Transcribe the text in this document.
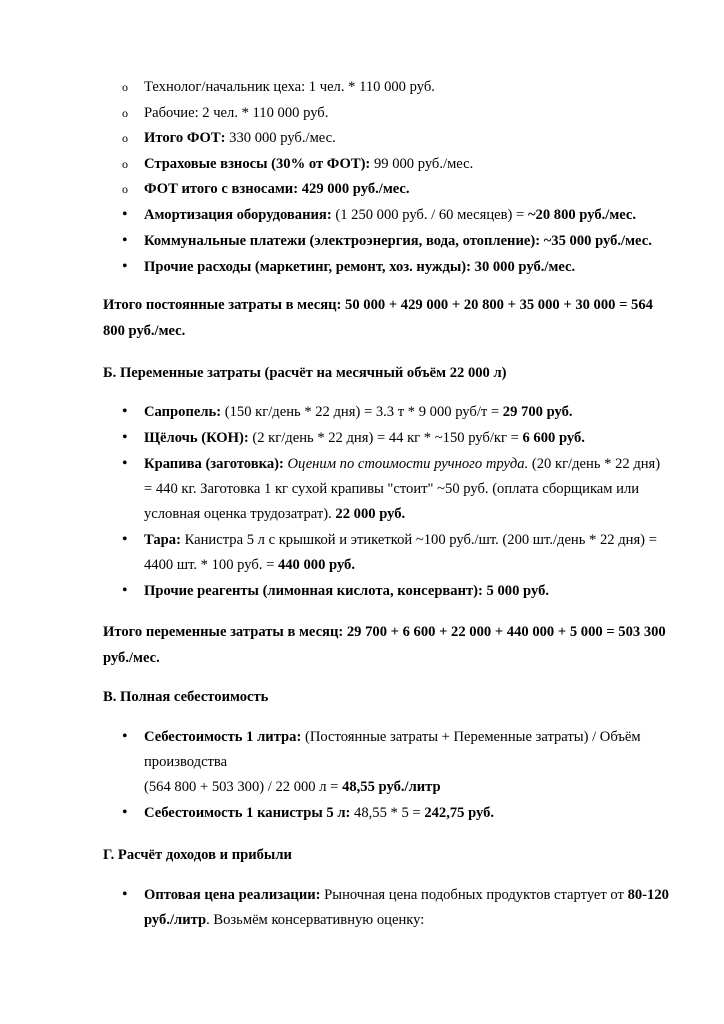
o Технолог/начальник цеха: 1 чел. * 110 000 руб.
o Рабочие: 2 чел. * 110 000 руб.
o Итого ФОТ: 330 000 руб./мес.
o Страховые взносы (30% от ФОТ): 99 000 руб./мес.
o ФОТ итого с взносами: 429 000 руб./мес.
• Амортизация оборудования: (1 250 000 руб. / 60 месяцев) = ~20 800 руб./мес.
• Коммунальные платежи (электроэнергия, вода, отопление): ~35 000 руб./мес.
• Прочие расходы (маркетинг, ремонт, хоз. нужды): 30 000 руб./мес.
Итого постоянные затраты в месяц: 50 000 + 429 000 + 20 800 + 35 000 + 30 000 = 564
800 руб./мес.
Б. Переменные затраты (расчёт на месячный объём 22 000 л)
• Сапропель: (150 кг/день * 22 дня) = 3.3 т * 9 000 руб/т = 29 700 руб.
• Щёлочь (КОН): (2 кг/день * 22 дня) = 44 кг * ~150 руб/кг = 6 600 руб.
• Крапива (заготовка): Оценим по стоимости ручного труда. (20 кг/день * 22 дня)
= 440 кг. Заготовка 1 кг сухой крапивы "стоит" ~50 руб. (оплата сборщикам или
условная оценка трудозатрат). 22 000 руб.
• Тара: Канистра 5 л с крышкой и этикеткой ~100 руб./шт. (200 шт./день * 22 дня) =
4400 шт. * 100 руб. = 440 000 руб.
• Прочие реагенты (лимонная кислота, консервант): 5 000 руб.
Итого переменные затраты в месяц: 29 700 + 6 600 + 22 000 + 440 000 + 5 000 = 503 300
руб./мес.
В. Полная себестоимость
• Себестоимость 1 литра: (Постоянные затраты + Переменные затраты) / Объём
производства
(564 800 + 503 300) / 22 000 л = 48,55 руб./литр
• Себестоимость 1 канистры 5 л: 48,55 * 5 = 242,75 руб.
Г. Расчёт доходов и прибыли
• Оптовая цена реализации: Рыночная цена подобных продуктов стартует от 80-120
руб./литр. Возьмём консервативную оценку:
